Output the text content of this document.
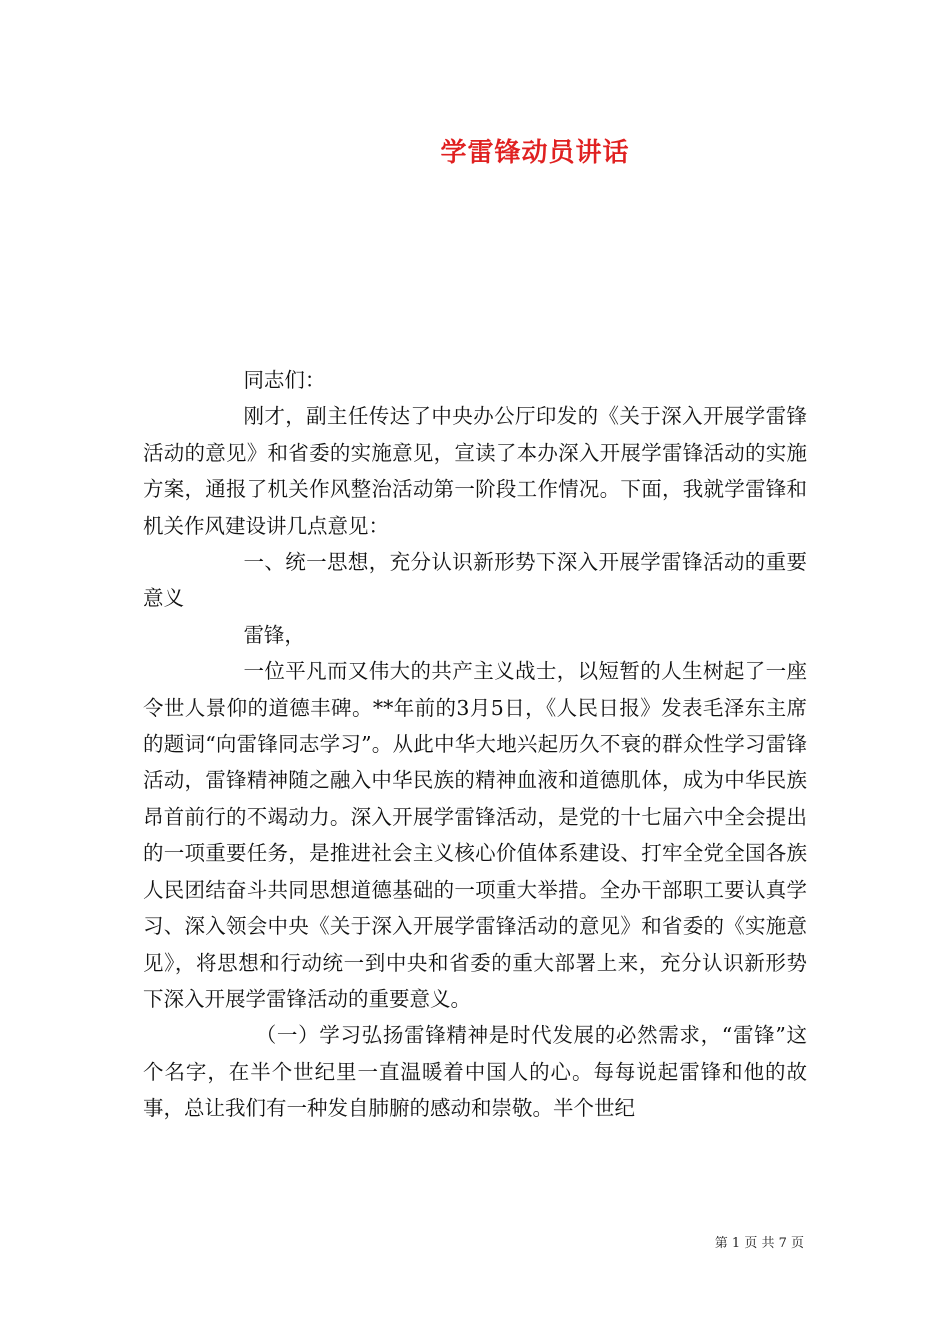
学雷锋动员讲话

同志们：

刚才，副主任传达了中央办公厅印发的《关于深入开展学雷锋活动的意见》和省委的实施意见，宣读了本办深入开展学雷锋活动的实施方案，通报了机关作风整治活动第一阶段工作情况。下面，我就学雷锋和机关作风建设讲几点意见：

一、统一思想，充分认识新形势下深入开展学雷锋活动的重要意义

雷锋，

一位平凡而又伟大的共产主义战士，以短暂的人生树起了一座令世人景仰的道德丰碑。**年前的3月5日，《人民日报》发表毛泽东主席的题词“向雷锋同志学习”。从此中华大地兴起历久不衰的群众性学习雷锋活动，雷锋精神随之融入中华民族的精神血液和道德肌体，成为中华民族昂首前行的不竭动力。深入开展学雷锋活动，是党的十七届六中全会提出的一项重要任务，是推进社会主义核心价值体系建设、打牢全党全国各族人民团结奋斗共同思想道德基础的一项重大举措。全办干部职工要认真学习、深入领会中央《关于深入开展学雷锋活动的意见》和省委的《实施意见》，将思想和行动统一到中央和省委的重大部署上来，充分认识新形势下深入开展学雷锋活动的重要意义。

（一）学习弘扬雷锋精神是时代发展的必然需求，“雷锋”这个名字，在半个世纪里一直温暖着中国人的心。每每说起雷锋和他的故事，总让我们有一种发自肺腑的感动和崇敬。半个世纪

第 1 页 共 7 页
